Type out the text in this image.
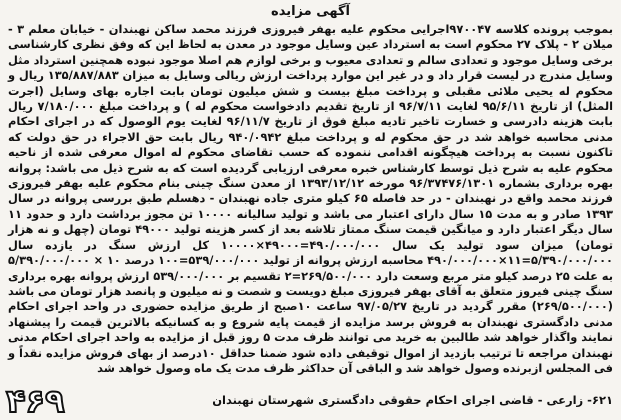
آگهی مزایده

بموجب پرونده کلاسه ۹۷۰۰۴۷اجرایی محکوم علیه بهفر فیروزی فرزند محمد ساکن نهبندان - خیابان معلم ۳ - میلان ۲ - پلاک ۲۷ محکوم است به استرداد عین وسایل موجود در معدن به لحاظ این که وفق نظری کارشناسی برخی وسایل موجود و تعدادی سالم و تعدادی معیوب و برخی لوازم هم اصلا موجود نبوده همچنین استرداد مثل وسایل مندرج در لیست قرار داد و در غیر این موارد پرداخت ارزش ریالی وسایل به میزان ۱۳۵/۸۸۷/۸۸۳ ریال و محکوم له یحیی ملائی مقبلی و پرداخت مبلغ بیست و شش میلیون تومان بابت اجاره بهای وسایل (اجرت المثل) از تاریخ ۹۵/۶/۱۱ لغایت ۹۶/۷/۱۱ از تاریخ تقدیم دادخواست محکوم له ) و پرداخت مبلغ ۷/۱۸۰/۰۰۰ ریال بابت هزینه دادرسی و خسارت تاخیر تادیه مبلغ فوق از تاریخ ۹۶/۱۱/۷ لغایت یوم الوصول که در اجرای احکام مدنی محاسبه خواهد شد در حق محکوم له و پرداخت مبلغ ۹۴۰/۰۹۴۲ ریال بابت حق الاجراء در حق دولت که تاکنون نسبت به پرداخت هیچگونه اقدامی ننموده که حسب تقاضای محکوم له اموال معرفی شده از ناحیه محکوم علیه به شرح ذیل توسط کارشناس خبره معرفی ارزیابی گردیده است که به شرح ذیل می باشد: پروانه بهره برداری بشماره ۹۶/۳۷۴۷۶/۱۳۰۱ مورخه ۱۳۹۳/۱۲/۱۲ از معدن سنگ چینی بنام محکوم علیه بهفر فیروزی فرزند محمد واقع در نهبندان - در حد فاصله ۶۵ کیلو متری جاده نهبندان - دهسلم طبق بررسی پروانه در سال ۱۳۹۳ صادر و به مدت ۱۵ سال دارای اعتبار می باشد و تولید سالیانه ۱۰۰۰۰ تن مجوز برداشت دارد و حدود ۱۱ سال دیگر اعتبار دارد و میانگین قیمت سنگ ممتاز تلاشه بعد از کسر هزینه تولید ۴۹۰۰۰ تومان (چهل و نه هزار تومان) میزان سود تولید یک سال ۴۹۰/۰۰۰/۰۰۰=۴۹۰۰۰×۱۰۰۰۰ کل ارزش سنگ در یازده سال ۵/۳۹۰/۰۰۰/۰۰۰=۱۱×۴۹۰/۰۰۰/۰۰۰ محاسبه ارزش پروانه از تولید ۵۳۹/۰۰۰/۰۰۰=۱۰۰ درصد ۱۰ × ۵/۳۹۰/۰۰۰/۰۰۰ به علت ۲۵ درصد کیلو متر مربع وسعت دارد ۲۶۹/۵۰۰/۰۰۰=۲ تقسیم بر ۵۳۹/۰۰۰/۰۰۰ ارزش پروانه بهره برداری سنگ چینی فیروز متعلق به آقای بهفر فیروزی مبلغ دویست و شصت و نه میلیون و پانصد هزار تومان می باشد (۲۶۹/۵۰۰/۰۰۰) مقرر گردید در تاریخ ۹۷/۰۵/۲۷ ساعت ۱۰صبح از طریق مزایده حضوری در واحد اجرای احکام مدنی دادگستری نهبندان به فروش برسد مزایده از قیمت پایه شروع و به کسانیکه بالاترین قیمت را پیشنهاد نمایند واگذار خواهد شد طالبین به خرید می توانند ظرف مدت ۵ روز قبل از مزایده به واحد اجرای احکام مدنی نهبندان مراجعه تا ترتیب بازدید از اموال توقیفی داده شود ضمنا حداقل ۱۰درصد از بهای فروش مزایده نقداً و فی المجلس ازبرنده وصول خواهد شد و الباقی آن حداکثر ظرف مدت یک ماه وصول خواهد شد

۶۲۱- زارعی - قاضی اجرای احکام حقوقی دادگستری شهرستان نهبندان
۴۶۹
